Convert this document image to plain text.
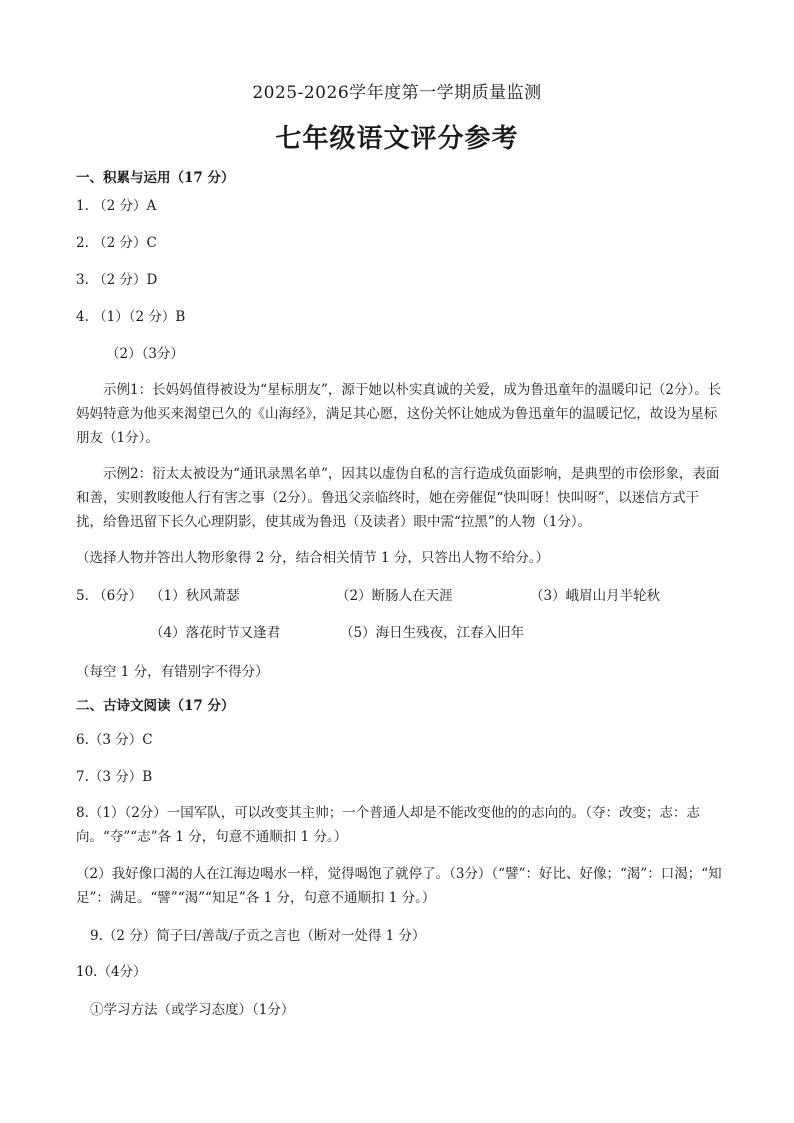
2025-2026学年度第一学期质量监测
七年级语文评分参考
一、积累与运用（17 分）
1. （2 分）A
2. （2 分）C
3. （2 分）D
4. （1）（2 分）B
（2）（3分）
示例1：长妈妈值得被设为“星标朋友”，源于她以朴实真诚的关爱，成为鲁迅童年的温暖印记（2分）。长妈妈特意为他买来渴望已久的《山海经》，满足其心愿，这份关怀让她成为鲁迅童年的温暖记忆，故设为星标朋友（1分）。
示例2：衍太太被设为“通讯录黑名单”，因其以虚伪自私的言行造成负面影响，是典型的市侩形象，表面和善，实则教唆他人行有害之事（2分）。鲁迅父亲临终时，她在旁催促“快叫呀！快叫呀”，以迷信方式干扰，给鲁迅留下长久心理阴影，使其成为鲁迅（及读者）眼中需“拉黑”的人物（1分）。
（选择人物并答出人物形象得 2 分，结合相关情节 1 分，只答出人物不给分。）
5. （6分） （1）秋风萧瑟	（2）断肠人在天涯	（3）峨眉山月半轮秋
（4）落花时节又逢君	（5）海日生残夜，江春入旧年
（每空 1 分，有错别字不得分）
二、古诗文阅读（17 分）
6.（3 分）C
7.（3 分）B
8.（1）（2分）一国军队，可以改变其主帅；一个普通人却是不能改变他的的志向的。（夺：改变；志：志向。“夺”“志”各 1 分，句意不通顺扣 1 分。）
（2）我好像口渴的人在江海边喝水一样，觉得喝饱了就停了。（3分）（“譬”：好比、好像；“渴”：口渴；“知足”：满足。“譬”“渴”“知足”各 1 分，句意不通顺扣 1 分。）
9.（2 分）简子曰/善哉/子贡之言也（断对一处得 1 分）
10.（4分）
①学习方法（或学习态度）（1分）
